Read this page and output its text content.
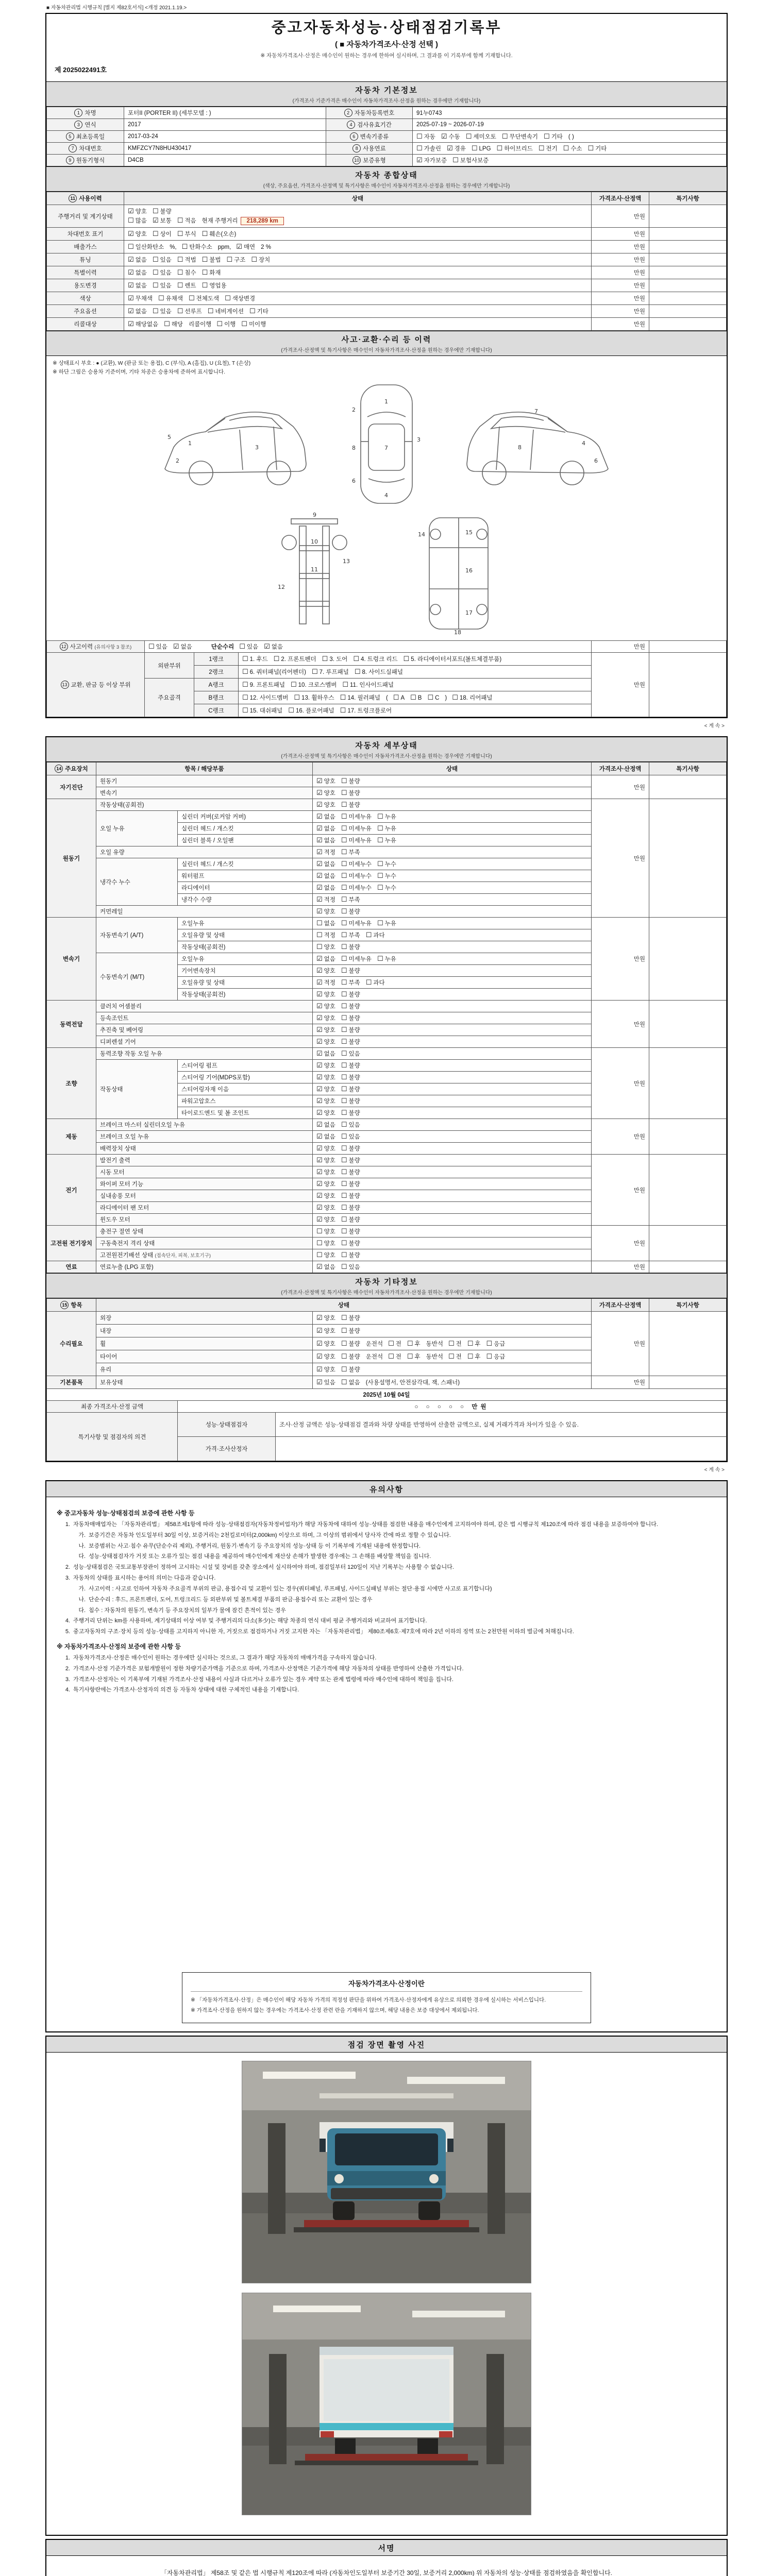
■ 자동차관리법 시행규칙 [별지 제82호서식] <개정 2021.1.19.>
중고자동차성능·상태점검기록부
( ■ 자동차가격조사·산정 선택 )
※ 자동차가격조사·산정은 매수인이 원하는 경우에 한하여 실시하며, 그 결과를 이 기록부에 함께 기재합니다.
제 2025022491호
자동차 기본정보
(가격조사 기준가격은 매수인이 자동차가격조사·산정을 원하는 경우에만 기재합니다)
1 차명	포터II (PORTER II) (세부모델 : )	2 자동차등록번호	91누0743
3 연식	2017	4 검사유효기간	2025-07-19 ~ 2026-07-19
5 최초등록일	2017-03-24	6 변속기종류	☐ 자동 ☑ 수동 ☐ 세미오토 ☐ 무단변속기 ☐ 기타 ( )
7 차대번호	KMFZCY7N8HU430417	8 사용연료	☐ 가솔린 ☑ 경유 ☐ LPG ☐ 하이브리드 ☐ 전기 ☐ 수소 ☐ 기타
9 원동기형식	D4CB	10 보증유형	☑ 자가보증 ☐ 보험사보증
자동차 종합상태
(색상, 주요옵션, 가격조사·산정액 및 특기사항은 매수인이 자동차가격조사·산정을 원하는 경우에만 기재합니다)
11 사용이력	상태	가격조사·산정액	특기사항
주행거리 및 계기상태	☑ 양호 ☐ 불량
☐ 많음 ☑ 보통 ☐ 적음 현재 주행거리 218,289 km	만원	
차대번호 표기	☑ 양호 ☐ 상이 ☐ 부식 ☐ 훼손(오손)	만원	
배출가스	☐ 일산화탄소 %, ☐ 탄화수소 ppm, ☑ 매연 2 %	만원	
튜닝	☑ 없음 ☐ 있음 ☐ 적법 ☐ 불법 ☐ 구조 ☐ 장치	만원	
특별이력	☑ 없음 ☐ 있음 ☐ 침수 ☐ 화재	만원	
용도변경	☑ 없음 ☐ 있음 ☐ 렌트 ☐ 영업용	만원	
색상	☑ 무채색 ☐ 유채색 ☐ 전체도색 ☐ 색상변경	만원	
주요옵션	☑ 없음 ☐ 있음 ☐ 선루프 ☐ 네비게이션 ☐ 기타	만원	
리콜대상	☑ 해당없음 ☐ 해당 리콜이행 ☐ 이행 ☐ 미이행	만원	
사고·교환·수리 등 이력
(가격조사·산정액 및 특기사항은 매수인이 자동차가격조사·산정을 원하는 경우에만 기재합니다)
※ 상태표시 부호 : ● (교환), W (판금 또는 용접), C (부식), A (흠집), U (요철), T (손상)
※ 하단 그림은 승용차 기준이며, 기타 차종은 승용차에 준하여 표시합니다.
1
2
3
5
1
2
3
4
6
7
8
4
6
7
8
9
10
11
12
13
14	15
16
17
18
12 사고이력 (유의사항 3 참조)	☐ 있음 ☑ 없음 단순수리 ☐ 있음 ☑ 없음			만원	
13 교환, 판금 등 이상 부위	외판부위	1랭크	☐ 1. 후드 ☐ 2. 프론트펜더 ☐ 3. 도어 ☐ 4. 트렁크 리드 ☐ 5. 라디에이터서포트(볼트체결부품)	만원	
		2랭크	☐ 6. 쿼터패널(리어펜더) ☐ 7. 루프패널 ☐ 8. 사이드실패널		

	주요골격	A랭크	☐ 9. 프론트패널 ☐ 10. 크로스멤버 ☐ 11. 인사이드패널		

		B랭크	☐ 12. 사이드멤버 ☐ 13. 휠하우스 ☐ 14. 필러패널 ( ☐ A ☐ B ☐ C ) ☐ 18. 리어패널		

		C랭크	☐ 15. 대쉬패널 ☐ 16. 플로어패널 ☐ 17. 트렁크플로어		
< 계 속 >
자동차 세부상태
(가격조사·산정액 및 특기사항은 매수인이 자동차가격조사·산정을 원하는 경우에만 기재합니다)
14 주요장치	항목 / 해당부품		상태	가격조사·산정액	특기사항
자기진단	원동기		☑ 양호 ☐ 불량	만원	
	변속기		☑ 양호 ☐ 불량		
원동기	작동상태(공회전)		☑ 양호 ☐ 불량	만원	
	오일 누유	실린더 커버(로커암 커버)	☑ 없음 ☐ 미세누유 ☐ 누유		
		실린더 헤드 / 개스킷	☑ 없음 ☐ 미세누유 ☐ 누유		
		실린더 블록 / 오일팬	☑ 없음 ☐ 미세누유 ☐ 누유		
	오일 유량		☑ 적정 ☐ 부족		
	냉각수 누수	실린더 헤드 / 개스킷	☑ 없음 ☐ 미세누수 ☐ 누수		
		워터펌프	☑ 없음 ☐ 미세누수 ☐ 누수		
		라디에이터	☑ 없음 ☐ 미세누수 ☐ 누수		
		냉각수 수량	☑ 적정 ☐ 부족		
	커먼레일		☑ 양호 ☐ 불량		
변속기	자동변속기 (A/T)	오일누유	☐ 없음 ☐ 미세누유 ☐ 누유	만원	
		오일유량 및 상태	☐ 적정 ☐ 부족 ☐ 과다		
		작동상태(공회전)	☐ 양호 ☐ 불량		
	수동변속기 (M/T)	오일누유	☑ 없음 ☐ 미세누유 ☐ 누유		
		기어변속장치	☑ 양호 ☐ 불량		
		오일유량 및 상태	☑ 적정 ☐ 부족 ☐ 과다		
		작동상태(공회전)	☑ 양호 ☐ 불량		
동력전달	클러치 어셈블리		☑ 양호 ☐ 불량	만원	
	등속조인트		☑ 양호 ☐ 불량		
	추진축 및 베어링		☑ 양호 ☐ 불량		
	디퍼렌셜 기어		☑ 양호 ☐ 불량		
조향	동력조향 작동 오일 누유		☑ 없음 ☐ 있음	만원	
	작동상태	스티어링 펌프	☑ 양호 ☐ 불량		
		스티어링 기어(MDPS포함)	☑ 양호 ☐ 불량		
		스티어링자재 이음	☑ 양호 ☐ 불량		
		파워고압호스	☑ 양호 ☐ 불량		
		타이로드엔드 및 볼 조인트	☑ 양호 ☐ 불량		
제동	브레이크 마스터 실린더오일 누유		☑ 없음 ☐ 있음	만원	
	브레이크 오일 누유		☑ 없음 ☐ 있음		
	배력장치 상태		☑ 양호 ☐ 불량		
전기	발전기 출력		☑ 양호 ☐ 불량	만원	
	시동 모터		☑ 양호 ☐ 불량		
	와이퍼 모터 기능		☑ 양호 ☐ 불량		
	실내송풍 모터		☑ 양호 ☐ 불량		
	라디에이터 팬 모터		☑ 양호 ☐ 불량		
	윈도우 모터		☑ 양호 ☐ 불량		
고전원 전기장치	충전구 절연 상태		☐ 양호 ☐ 불량	만원	
	구동축전지 격리 상태		☐ 양호 ☐ 불량		
	고전원전기배선 상태 (접속단자, 피복, 보호기구)		☐ 양호 ☐ 불량		
연료	연료누출 (LPG 포함)		☑ 없음 ☐ 있음	만원	
자동차 기타정보
(가격조사·산정액 및 특기사항은 매수인이 자동차가격조사·산정을 원하는 경우에만 기재합니다)
15 항목	상태		가격조사·산정액	특기사항
수리필요	외장	☑ 양호 ☐ 불량	만원	
	내장	☑ 양호 ☐ 불량		

	휠	☑ 양호 ☐ 불량 운전석 ☐ 전 ☐ 후 동반석 ☐ 전 ☐ 후 ☐ 응급		

	타이어	☑ 양호 ☐ 불량 운전석 ☐ 전 ☐ 후 동반석 ☐ 전 ☐ 후 ☐ 응급		

	유리	☑ 양호 ☐ 불량		

기본품목	보유상태	☑ 있음 ☐ 없음 (사용설명서, 안전삼각대, 잭, 스패너)	만원	
2025년 10월 04일		
최종 가격조사·산정 금액	○ ○ ○ ○ ○ 만원	
특기사항 및 점검자의 의견	성능·상태점검자	조사·산정 금액은 성능·상태점검 결과와 차량 상태를 반영하여 산출한 금액으로, 실제 거래가격과 차이가 있을 수 있음.
	가격·조사산정자	
< 계 속 >
유의사항
※ 중고자동차 성능·상태점검의 보증에 관한 사항 등
1. 자동차매매업자는 「자동차관리법」 제58조제1항에 따라 성능·상태점검자(자동차정비업자)가 해당 자동차에 대하여 성능·상태를 점검한 내용을 매수인에게 고지하여야 하며, 같은 법 시행규칙 제120조에 따라 점검 내용을 보증하여야 합니다.
가. 보증기간은 자동차 인도일부터 30일 이상, 보증거리는 2천킬로미터(2,000km) 이상으로 하며, 그 이상의 범위에서 당사자 간에 따로 정할 수 있습니다.
나. 보증범위는 사고·침수 유무(단순수리 제외), 주행거리, 원동기·변속기 등 주요장치의 성능·상태 등 이 기록부에 기재된 내용에 한정합니다.
다. 성능·상태점검자가 거짓 또는 오류가 있는 점검 내용을 제공하여 매수인에게 재산상 손해가 발생한 경우에는 그 손해를 배상할 책임을 집니다.
2. 성능·상태점검은 국토교통부장관이 정하여 고시하는 시설 및 장비를 갖춘 장소에서 실시하여야 하며, 점검일부터 120일이 지난 기록부는 사용할 수 없습니다.
3. 자동차의 상태를 표시하는 용어의 의미는 다음과 같습니다.
가. 사고이력 : 사고로 인하여 자동차 주요골격 부위의 판금, 용접수리 및 교환이 있는 경우(쿼터패널, 루프패널, 사이드실패널 부위는 절단·용접 시에만 사고로 표기합니다)
나. 단순수리 : 후드, 프론트펜더, 도어, 트렁크리드 등 외판부위 및 볼트체결 부품의 판금·용접수리 또는 교환이 있는 경우
다. 침수 : 자동차의 원동기, 변속기 등 주요장치의 일부가 물에 잠긴 흔적이 있는 경우
4. 주행거리 단위는 km를 사용하며, 계기상태의 이상 여부 및 주행거리의 다소(多少)는 해당 차종의 연식 대비 평균 주행거리와 비교하여 표기합니다.
5. 중고자동차의 구조·장치 등의 성능·상태를 고지하지 아니한 자, 거짓으로 점검하거나 거짓 고지한 자는 「자동차관리법」 제80조제6호·제7호에 따라 2년 이하의 징역 또는 2천만원 이하의 벌금에 처해집니다.
※ 자동차가격조사·산정의 보증에 관한 사항 등
1. 자동차가격조사·산정은 매수인이 원하는 경우에만 실시하는 것으로, 그 결과가 해당 자동차의 매매가격을 구속하지 않습니다.
2. 가격조사·산정 기준가격은 보험개발원이 정한 차량기준가액을 기준으로 하며, 가격조사·산정액은 기준가격에 해당 자동차의 상태를 반영하여 산출한 가격입니다.
3. 가격조사·산정자는 이 기록부에 기재된 가격조사·산정 내용이 사실과 다르거나 오류가 있는 경우 계약 또는 관계 법령에 따라 매수인에 대하여 책임을 집니다.
4. 특기사항란에는 가격조사·산정자의 의견 등 자동차 상태에 대한 구체적인 내용을 기재합니다.
자동차가격조사·산정이란
※ 「자동차가격조사·산정」은 매수인이 해당 자동차 가격의 적정성 판단을 위하여 가격조사·산정자에게 유상으로 의뢰한 경우에 실시하는 서비스입니다.
※ 가격조사·산정을 원하지 않는 경우에는 가격조사·산정 관련 란을 기재하지 않으며, 해당 내용은 보증 대상에서 제외됩니다.
점검 장면 촬영 사진
서명
「자동차관리법」 제58조 및 같은 법 시행규칙 제120조에 따라 (자동차인도일부터 보증기간 30일, 보증거리 2,000km) 위 자동차의 성능·상태를 점검하였음을 확인합니다.
